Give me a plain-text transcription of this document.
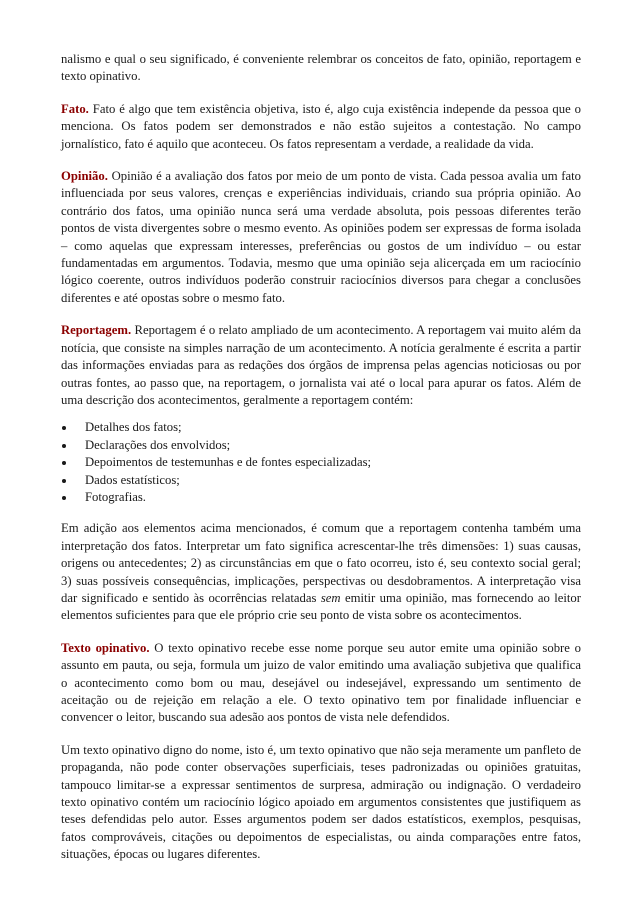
nalismo e qual o seu significado, é conveniente relembrar os conceitos de fato, opinião, reportagem e texto opinativo.

Fato. Fato é algo que tem existência objetiva, isto é, algo cuja existência independe da pessoa que o menciona. Os fatos podem ser demonstrados e não estão sujeitos a contestação. No campo jornalístico, fato é aquilo que aconteceu. Os fatos representam a verdade, a realidade da vida.

Opinião. Opinião é a avaliação dos fatos por meio de um ponto de vista. Cada pessoa avalia um fato influenciada por seus valores, crenças e experiências individuais, criando sua própria opinião. Ao contrário dos fatos, uma opinião nunca será uma verdade absoluta, pois pessoas diferentes terão pontos de vista divergentes sobre o mesmo evento. As opiniões podem ser expressas de forma isolada – como aquelas que expressam interesses, preferências ou gostos de um indivíduo – ou estar fundamentadas em argumentos. Todavia, mesmo que uma opinião seja alicerçada em um raciocínio lógico coerente, outros indivíduos poderão construir raciocínios diversos para chegar a conclusões diferentes e até opostas sobre o mesmo fato.

Reportagem. Reportagem é o relato ampliado de um acontecimento. A reportagem vai muito além da notícia, que consiste na simples narração de um acontecimento. A notícia geralmente é escrita a partir das informações enviadas para as redações dos órgãos de imprensa pelas agencias noticiosas ou por outras fontes, ao passo que, na reportagem, o jornalista vai até o local para apurar os fatos. Além de uma descrição dos acontecimentos, geralmente a reportagem contém:

Detalhes dos fatos;
Declarações dos envolvidos;
Depoimentos de testemunhas e de fontes especializadas;
Dados estatísticos;
Fotografias.

Em adição aos elementos acima mencionados, é comum que a reportagem contenha também uma interpretação dos fatos. Interpretar um fato significa acrescentar-lhe três dimensões: 1) suas causas, origens ou antecedentes; 2) as circunstâncias em que o fato ocorreu, isto é, seu contexto social geral; 3) suas possíveis consequências, implicações, perspectivas ou desdobramentos. A interpretação visa dar significado e sentido às ocorrências relatadas sem emitir uma opinião, mas fornecendo ao leitor elementos suficientes para que ele próprio crie seu ponto de vista sobre os acontecimentos.

Texto opinativo. O texto opinativo recebe esse nome porque seu autor emite uma opinião sobre o assunto em pauta, ou seja, formula um juizo de valor emitindo uma avaliação subjetiva que qualifica o acontecimento como bom ou mau, desejável ou indesejável, expressando um sentimento de aceitação ou de rejeição em relação a ele. O texto opinativo tem por finalidade influenciar e convencer o leitor, buscando sua adesão aos pontos de vista nele defendidos.

Um texto opinativo digno do nome, isto é, um texto opinativo que não seja meramente um panfleto de propaganda, não pode conter observações superficiais, teses padronizadas ou opiniões gratuitas, tampouco limitar-se a expressar sentimentos de surpresa, admiração ou indignação. O verdadeiro texto opinativo contém um raciocínio lógico apoiado em argumentos consistentes que justifiquem as teses defendidas pelo autor. Esses argumentos podem ser dados estatísticos, exemplos, pesquisas, fatos comprováveis, citações ou depoimentos de especialistas, ou ainda comparações entre fatos, situações, épocas ou lugares diferentes.
